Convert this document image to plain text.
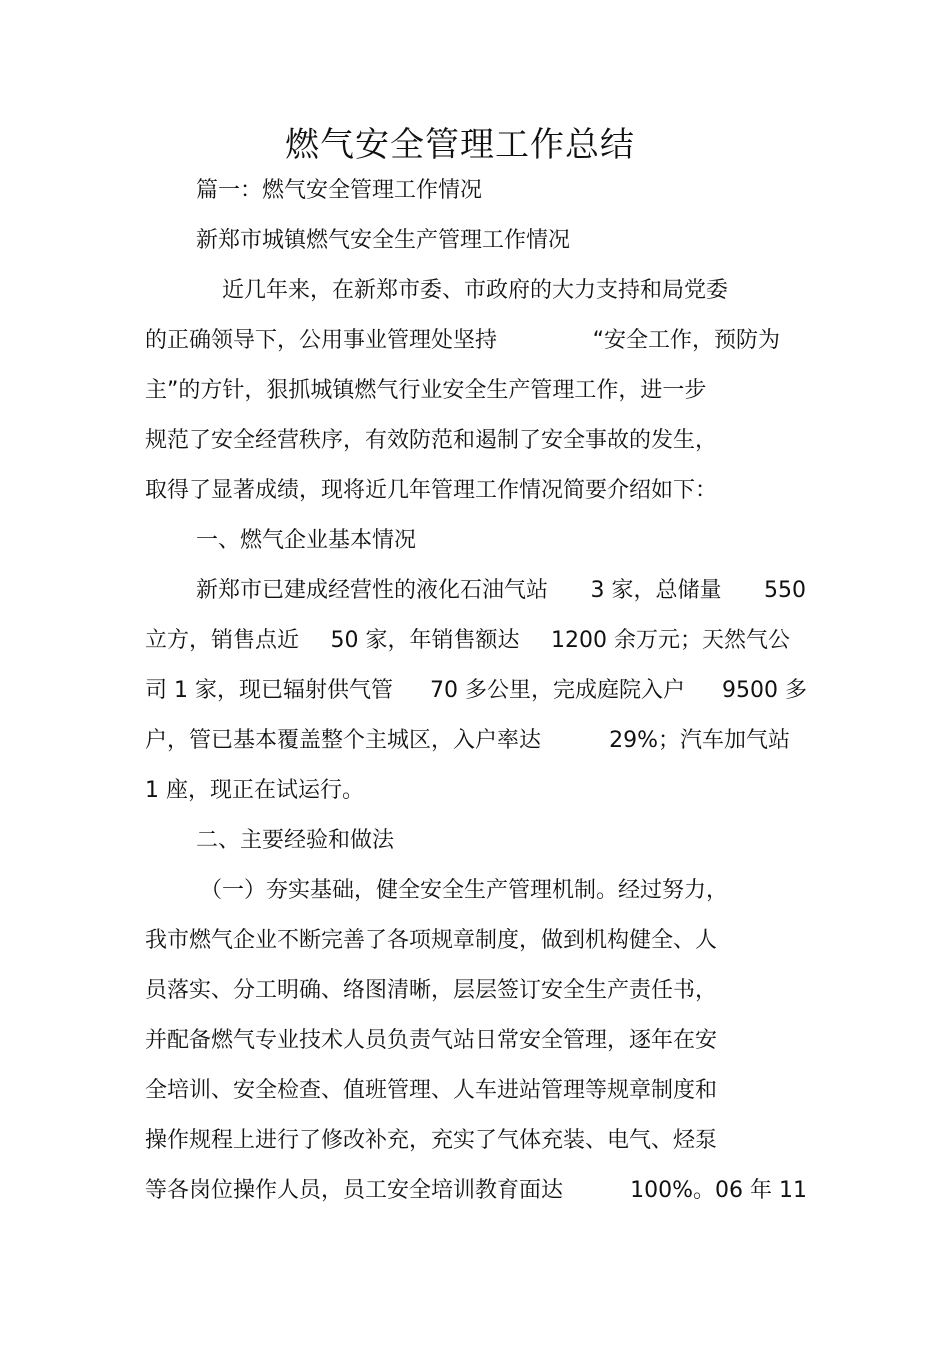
燃气安全管理工作总结
篇一：燃气安全管理工作情况
新郑市城镇燃气安全生产管理工作情况
近几年来，在新郑市委、市政府的大力支持和局党委
的正确领导下，公用事业管理处坚持	“安全工作，预防为
主”的方针，狠抓城镇燃气行业安全生产管理工作，进一步
规范了安全经营秩序，有效防范和遏制了安全事故的发生，
取得了显著成绩，现将近几年管理工作情况简要介绍如下：
一、燃气企业基本情况
新郑市已建成经营性的液化石油气站 3 家，总储量 550
立方，销售点近 50 家，年销售额达 1200 余万元；天然气公
司 1 家，现已辐射供气管 70 多公里，完成庭院入户 9500 多
户，管已基本覆盖整个主城区，入户率达	29%；汽车加气站
1 座，现正在试运行。
二、主要经验和做法
（一）夯实基础，健全安全生产管理机制。经过努力，
我市燃气企业不断完善了各项规章制度，做到机构健全、人
员落实、分工明确、络图清晰，层层签订安全生产责任书，
并配备燃气专业技术人员负责气站日常安全管理，逐年在安
全培训、安全检查、值班管理、人车进站管理等规章制度和
操作规程上进行了修改补充，充实了气体充装、电气、烃泵
等各岗位操作人员，员工安全培训教育面达	100%。06 年 11
